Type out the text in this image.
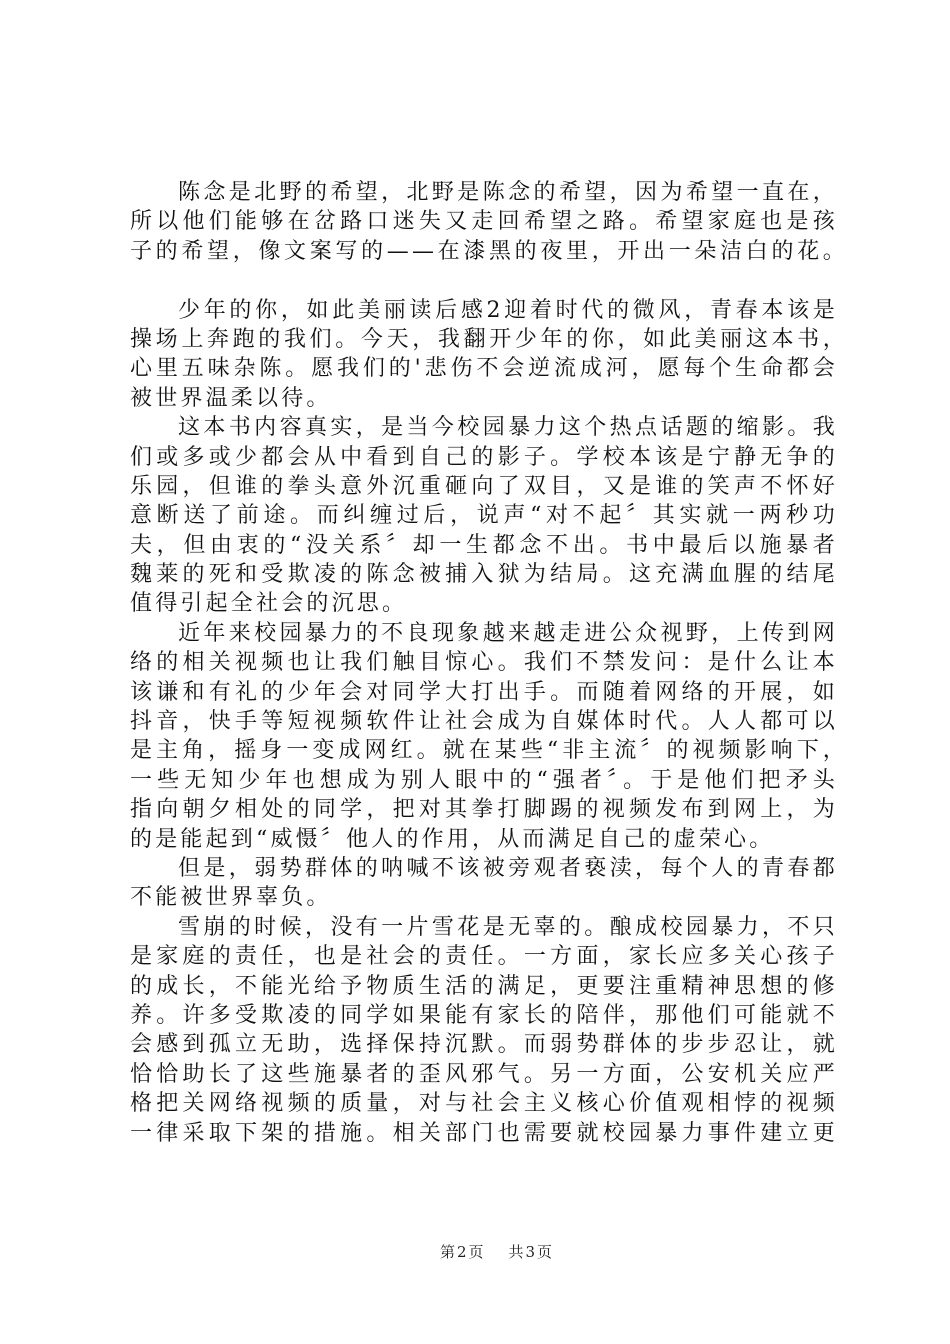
陈念是北野的希望，北野是陈念的希望，因为希望一直在，
所以他们能够在岔路口迷失又走回希望之路。希望家庭也是孩
子的希望，像文案写的——在漆黑的夜里，开出一朵洁白的花。
少年的你，如此美丽读后感2迎着时代的微风，青春本该是
操场上奔跑的我们。今天，我翻开少年的你，如此美丽这本书，
心里五味杂陈。愿我们的'悲伤不会逆流成河，愿每个生命都会
被世界温柔以待。
这本书内容真实，是当今校园暴力这个热点话题的缩影。我
们或多或少都会从中看到自己的影子。学校本该是宁静无争的
乐园，但谁的拳头意外沉重砸向了双目，又是谁的笑声不怀好
意断送了前途。而纠缠过后，说声“对不起〞其实就一两秒功
夫，但由衷的“没关系〞却一生都念不出。书中最后以施暴者
魏莱的死和受欺凌的陈念被捕入狱为结局。这充满血腥的结尾
值得引起全社会的沉思。
近年来校园暴力的不良现象越来越走进公众视野，上传到网
络的相关视频也让我们触目惊心。我们不禁发问：是什么让本
该谦和有礼的少年会对同学大打出手。而随着网络的开展，如
抖音，快手等短视频软件让社会成为自媒体时代。人人都可以
是主角，摇身一变成网红。就在某些“非主流〞的视频影响下，
一些无知少年也想成为别人眼中的“强者〞。于是他们把矛头
指向朝夕相处的同学，把对其拳打脚踢的视频发布到网上，为
的是能起到“威慑〞他人的作用，从而满足自己的虚荣心。
但是，弱势群体的呐喊不该被旁观者亵渎，每个人的青春都
不能被世界辜负。
雪崩的时候，没有一片雪花是无辜的。酿成校园暴力，不只
是家庭的责任，也是社会的责任。一方面，家长应多关心孩子
的成长，不能光给予物质生活的满足，更要注重精神思想的修
养。许多受欺凌的同学如果能有家长的陪伴，那他们可能就不
会感到孤立无助，选择保持沉默。而弱势群体的步步忍让，就
恰恰助长了这些施暴者的歪风邪气。另一方面，公安机关应严
格把关网络视频的质量，对与社会主义核心价值观相悖的视频
一律采取下架的措施。相关部门也需要就校园暴力事件建立更
第2页 共3页
